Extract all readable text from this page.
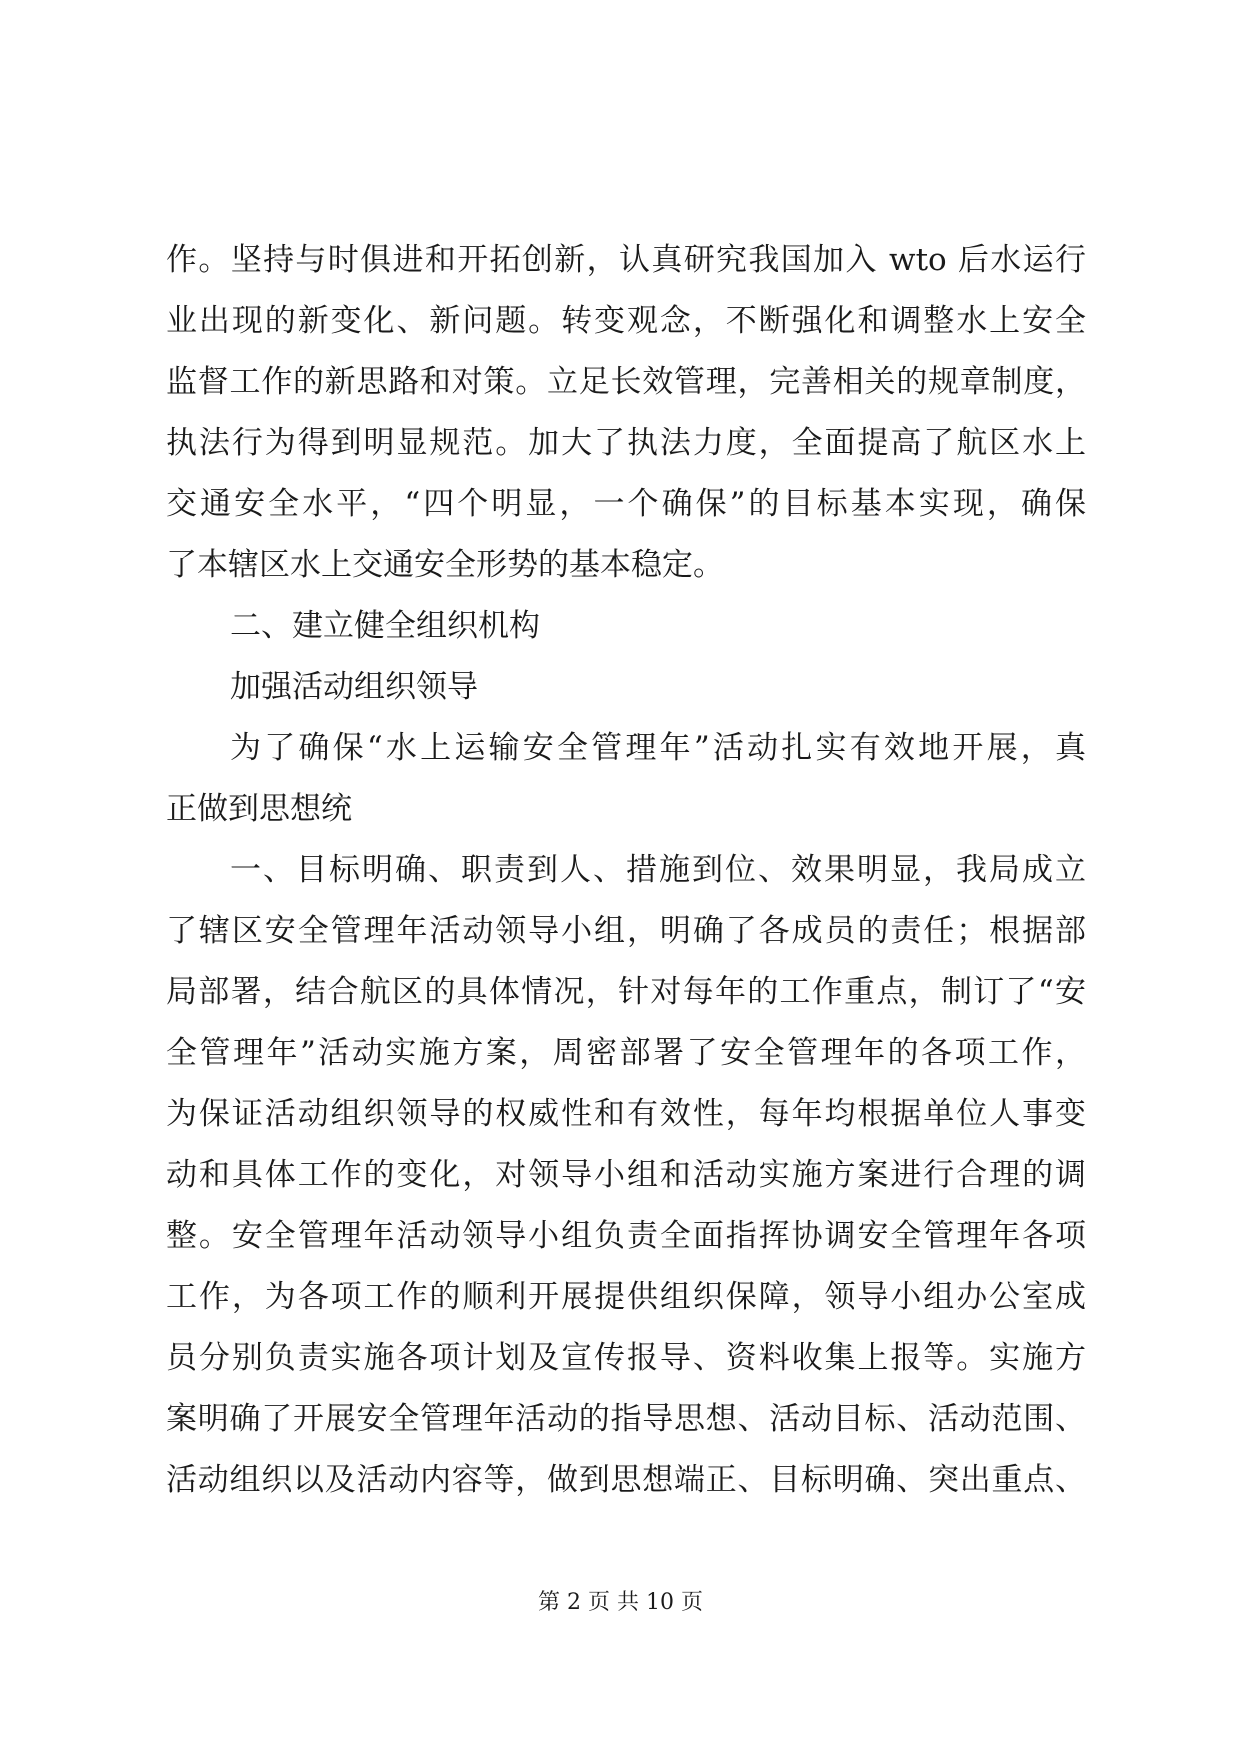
作。坚持与时俱进和开拓创新，认真研究我国加入 wto 后水运行
业出现的新变化、新问题。转变观念，不断强化和调整水上安全
监督工作的新思路和对策。立足长效管理，完善相关的规章制度，
执法行为得到明显规范。加大了执法力度，全面提高了航区水上
交通安全水平，“四个明显，一个确保”的目标基本实现，确保
了本辖区水上交通安全形势的基本稳定。
二、建立健全组织机构
加强活动组织领导
为了确保“水上运输安全管理年”活动扎实有效地开展，真
正做到思想统
一、目标明确、职责到人、措施到位、效果明显，我局成立
了辖区安全管理年活动领导小组，明确了各成员的责任；根据部
局部署，结合航区的具体情况，针对每年的工作重点，制订了“安
全管理年”活动实施方案，周密部署了安全管理年的各项工作，
为保证活动组织领导的权威性和有效性，每年均根据单位人事变
动和具体工作的变化，对领导小组和活动实施方案进行合理的调
整。安全管理年活动领导小组负责全面指挥协调安全管理年各项
工作，为各项工作的顺利开展提供组织保障，领导小组办公室成
员分别负责实施各项计划及宣传报导、资料收集上报等。实施方
案明确了开展安全管理年活动的指导思想、活动目标、活动范围、
活动组织以及活动内容等，做到思想端正、目标明确、突出重点、
第 2 页 共 10 页
